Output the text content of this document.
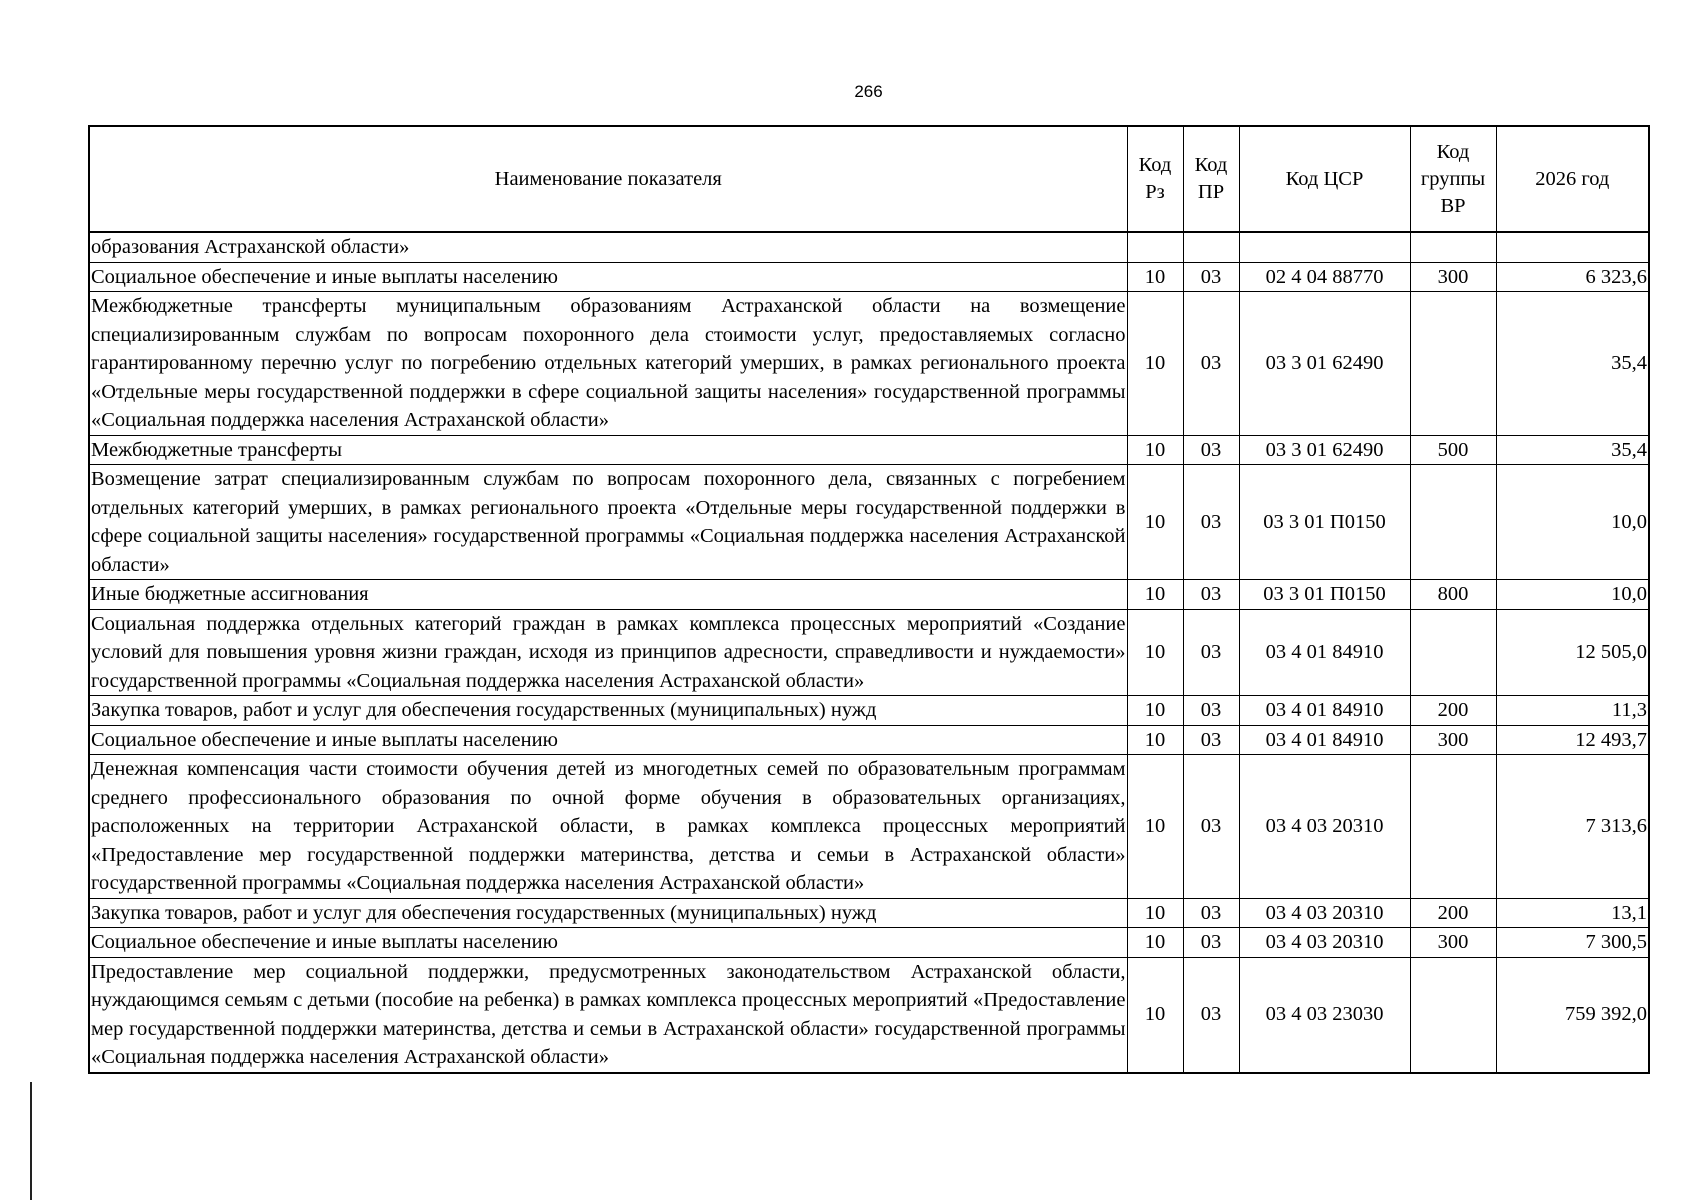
266
Наименование показателя	Код Рз	Код ПР	Код ЦСР	Код группы ВР	2026 год
образования Астраханской области»					
Социальное обеспечение и иные выплаты населению	10	03	02 4 04 88770	300	6 323,6
Межбюджетные трансферты муниципальным образованиям Астраханской области на возмещение специализированным службам по вопросам похоронного дела стоимости услуг, предоставляемых согласно гарантированному перечню услуг по погребению отдельных категорий умерших, в рамках регионального проекта «Отдельные меры государственной поддержки в сфере социальной защиты населения» государственной программы «Социальная поддержка населения Астраханской области»	10	03	03 3 01 62490		35,4
Межбюджетные трансферты	10	03	03 3 01 62490	500	35,4
Возмещение затрат специализированным службам по вопросам похоронного дела, связанных с погребением отдельных категорий умерших, в рамках регионального проекта «Отдельные меры государственной поддержки в сфере социальной защиты населения» государственной программы «Социальная поддержка населения Астраханской области»	10	03	03 3 01 П0150		10,0
Иные бюджетные ассигнования	10	03	03 3 01 П0150	800	10,0
Социальная поддержка отдельных категорий граждан в рамках комплекса процессных мероприятий «Создание условий для повышения уровня жизни граждан, исходя из принципов адресности, справедливости и нуждаемости» государственной программы «Социальная поддержка населения Астраханской области»	10	03	03 4 01 84910		12 505,0
Закупка товаров, работ и услуг для обеспечения государственных (муниципальных) нужд	10	03	03 4 01 84910	200	11,3
Социальное обеспечение и иные выплаты населению	10	03	03 4 01 84910	300	12 493,7
Денежная компенсация части стоимости обучения детей из многодетных семей по образовательным программам среднего профессионального образования по очной форме обучения в образовательных организациях, расположенных на территории Астраханской области, в рамках комплекса процессных мероприятий «Предоставление мер государственной поддержки материнства, детства и семьи в Астраханской области» государственной программы «Социальная поддержка населения Астраханской области»	10	03	03 4 03 20310		7 313,6
Закупка товаров, работ и услуг для обеспечения государственных (муниципальных) нужд	10	03	03 4 03 20310	200	13,1
Социальное обеспечение и иные выплаты населению	10	03	03 4 03 20310	300	7 300,5
Предоставление мер социальной поддержки, предусмотренных законодательством Астраханской области, нуждающимся семьям с детьми (пособие на ребенка) в рамках комплекса процессных мероприятий «Предоставление мер государственной поддержки материнства, детства и семьи в Астраханской области» государственной программы «Социальная поддержка населения Астраханской области»	10	03	03 4 03 23030		759 392,0
